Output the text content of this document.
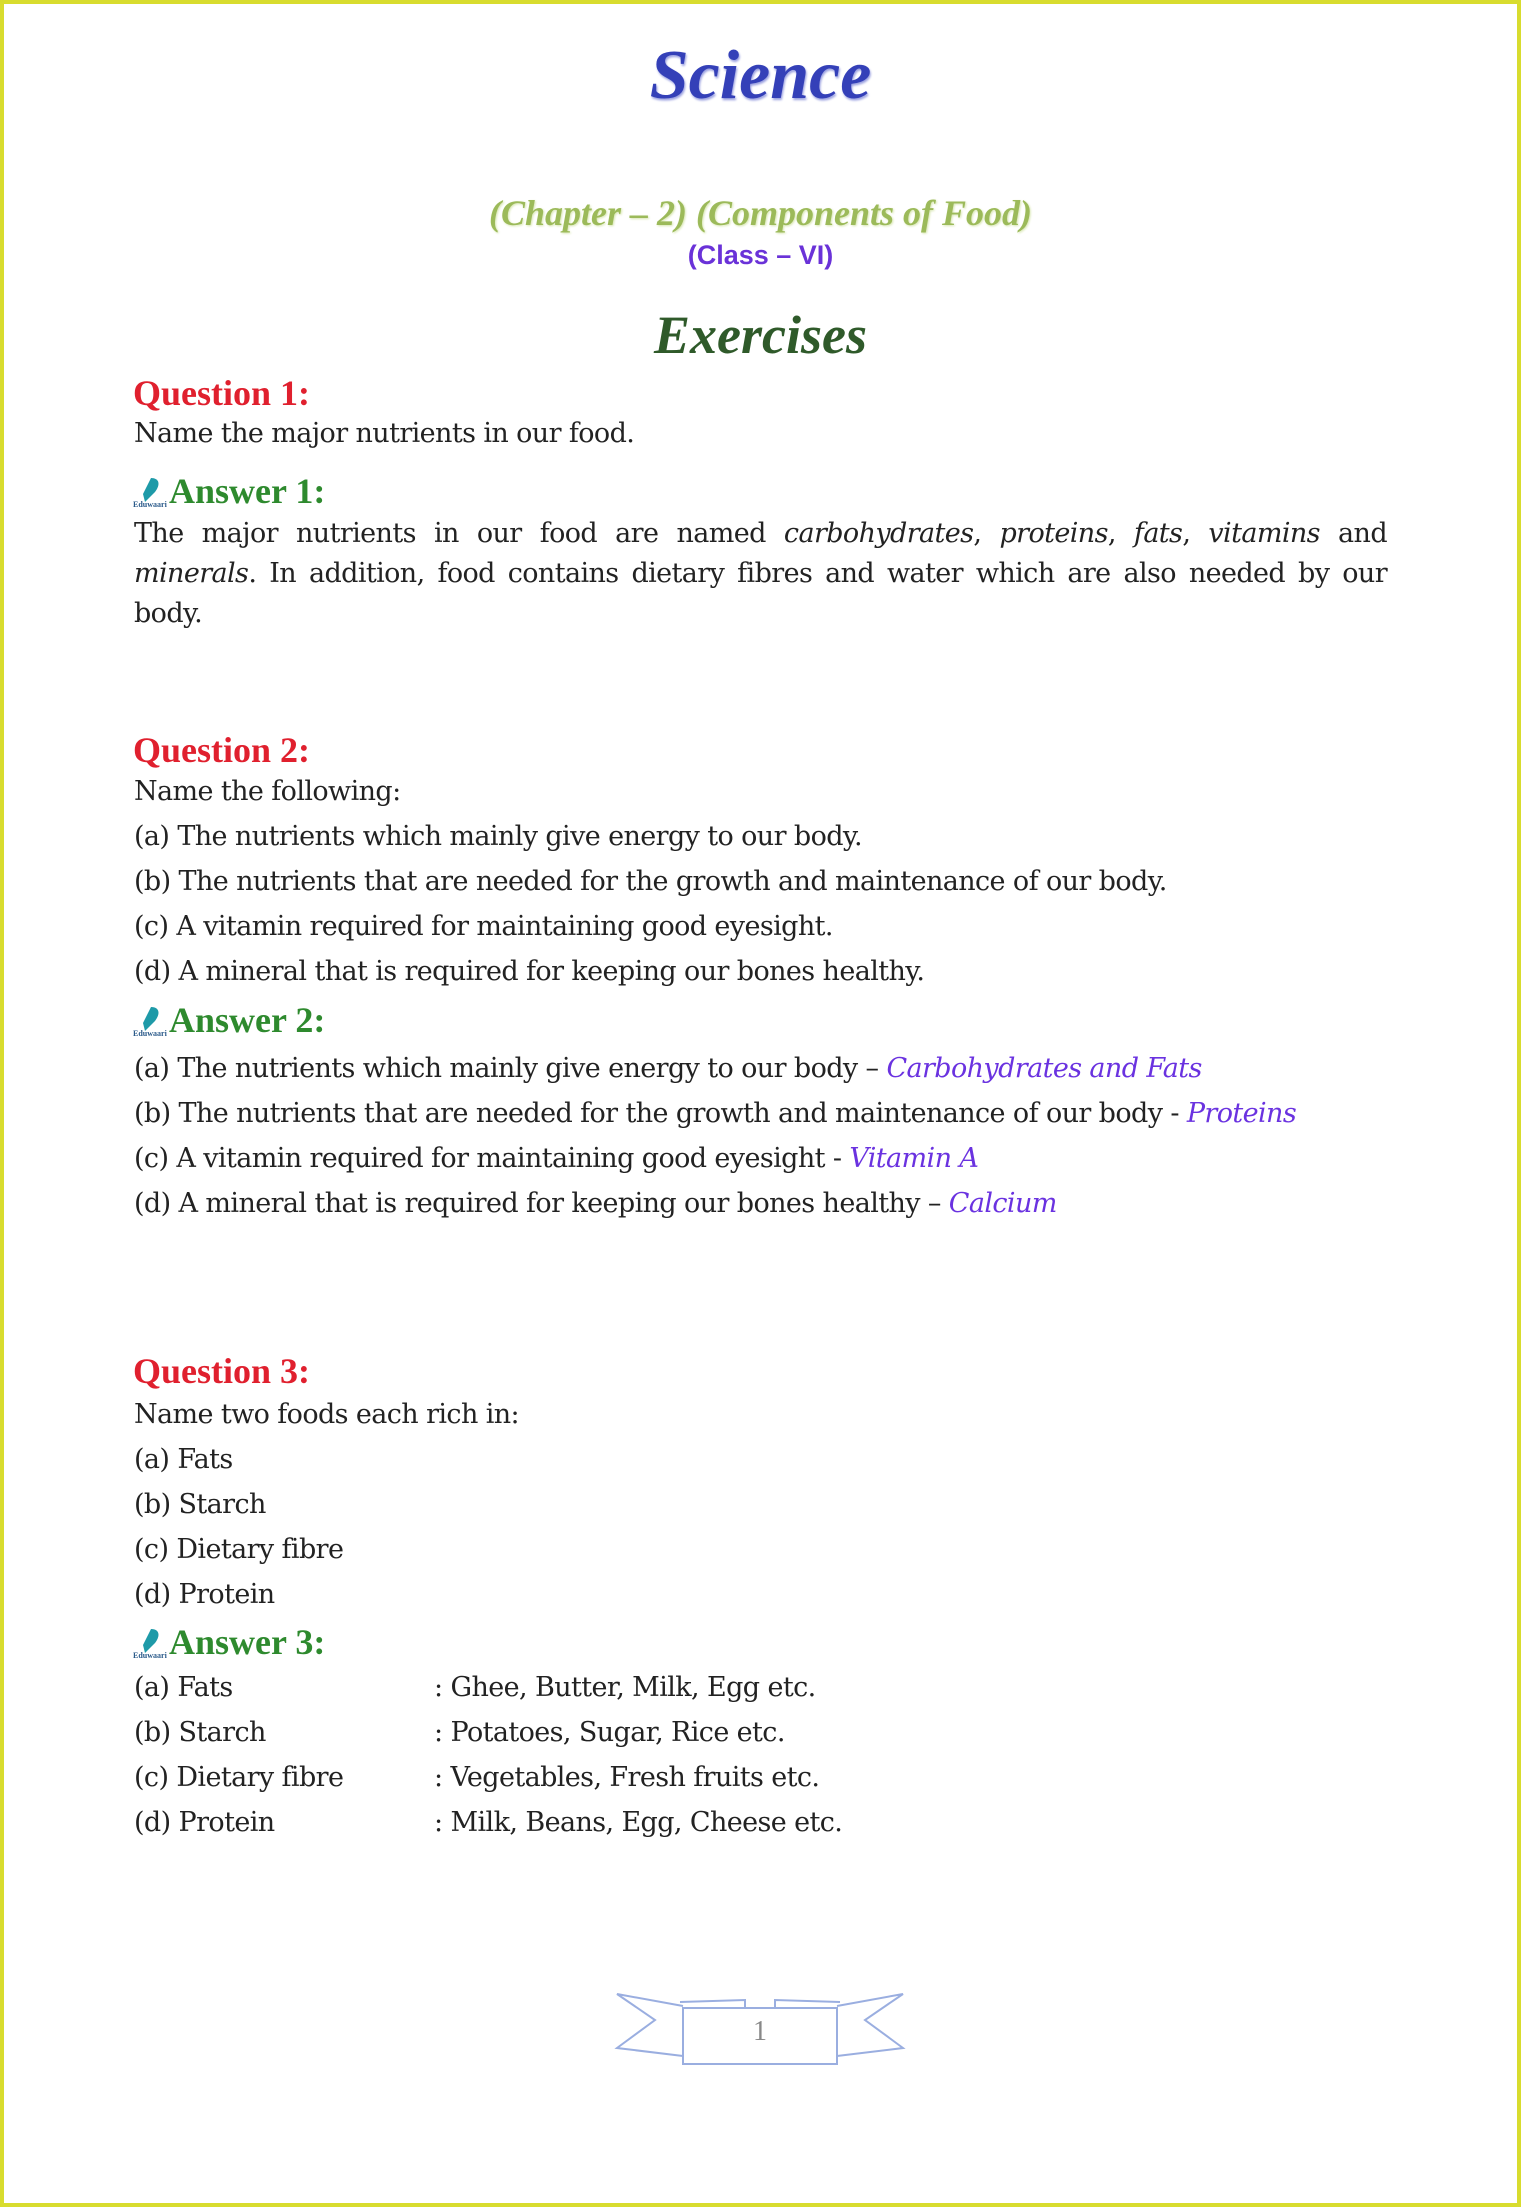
Science
(Chapter – 2) (Components of Food)
(Class – VI)
Exercises
Question 1:
Name the major nutrients in our food.
Eduwaari Answer 1:
The major nutrients in our food are named carbohydrates, proteins, fats, vitamins and minerals. In addition, food contains dietary fibres and water which are also needed by our body.
Question 2:
Name the following:
(a) The nutrients which mainly give energy to our body.
(b) The nutrients that are needed for the growth and maintenance of our body.
(c) A vitamin required for maintaining good eyesight.
(d) A mineral that is required for keeping our bones healthy.
Eduwaari Answer 2:
(a) The nutrients which mainly give energy to our body – Carbohydrates and Fats
(b) The nutrients that are needed for the growth and maintenance of our body - Proteins
(c) A vitamin required for maintaining good eyesight - Vitamin A
(d) A mineral that is required for keeping our bones healthy – Calcium
Question 3:
Name two foods each rich in:
(a) Fats
(b) Starch
(c) Dietary fibre
(d) Protein
Eduwaari Answer 3:
(a) Fats	: Ghee, Butter, Milk, Egg etc.
(b) Starch	: Potatoes, Sugar, Rice etc.
(c) Dietary fibre	: Vegetables, Fresh fruits etc.
(d) Protein	: Milk, Beans, Egg, Cheese etc.
1
